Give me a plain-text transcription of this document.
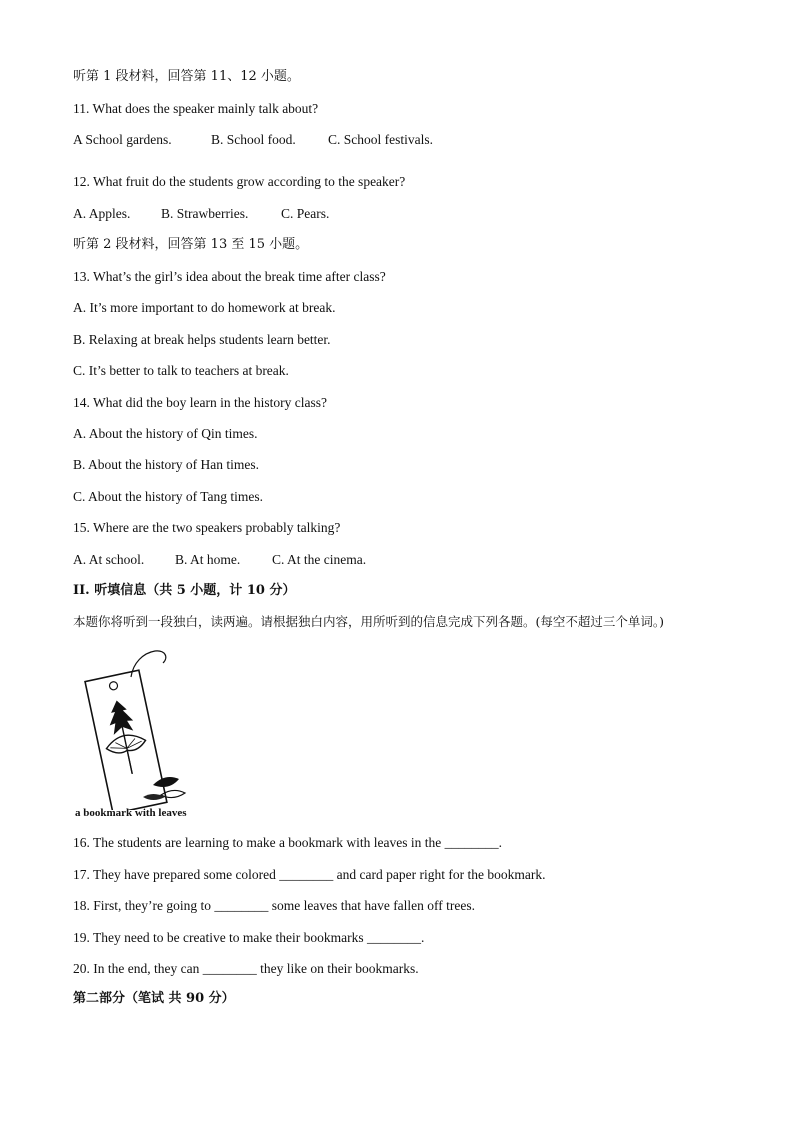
听第 1 段材料，回答第 11、12 小题。
11. What does the speaker mainly talk about?
A School gardens.	B. School food. C. School festivals.
12. What fruit do the students grow according to the speaker?
A. Apples. B. Strawberries. C. Pears.
听第 2 段材料，回答第 13 至 15 小题。
13. What’s the girl’s idea about the break time after class?
A. It’s more important to do homework at break.
B. Relaxing at break helps students learn better.
C. It’s better to talk to teachers at break.
14. What did the boy learn in the history class?
A. About the history of Qin times.
B. About the history of Han times.
C. About the history of Tang times.
15. Where are the two speakers probably talking?
A. At school. B. At home. C. At the cinema.
II. 听填信息（共 5 小题，计 10 分）
本题你将听到一段独白，读两遍。请根据独白内容，用所听到的信息完成下列各题。(每空不超过三个单词。)
a bookmark with leaves
16. The students are learning to make a bookmark with leaves in the ________.
17. They have prepared some colored ________ and card paper right for the bookmark.
18. First, they’re going to ________ some leaves that have fallen off trees.
19. They need to be creative to make their bookmarks ________.
20. In the end, they can ________ they like on their bookmarks.
第二部分（笔试 共 90 分）
